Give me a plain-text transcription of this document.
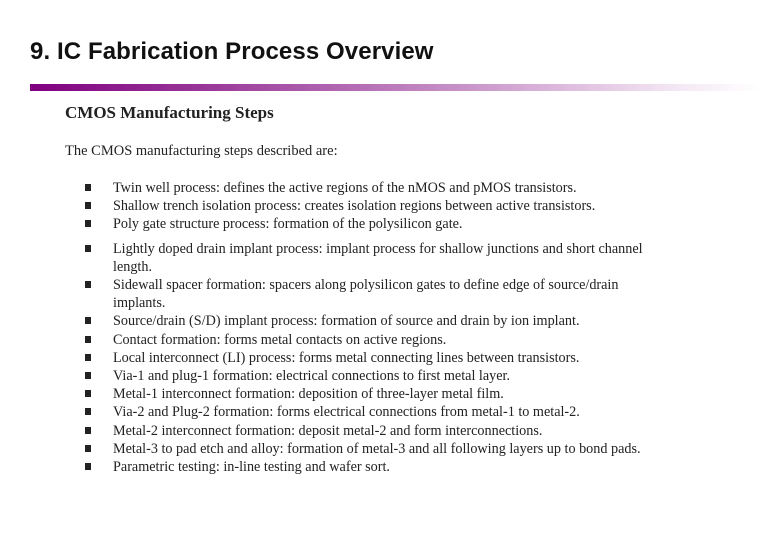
9. IC Fabrication Process Overview
CMOS Manufacturing Steps
The CMOS manufacturing steps described are:
Twin well process: defines the active regions of the nMOS and pMOS transistors.
Shallow trench isolation process: creates isolation regions between active transistors.
Poly gate structure process: formation of the polysilicon gate.
Lightly doped drain implant process: implant process for shallow junctions and short channel length.
Sidewall spacer formation: spacers along polysilicon gates to define edge of source/drain implants.
Source/drain (S/D) implant process: formation of source and drain by ion implant.
Contact formation: forms metal contacts on active regions.
Local interconnect (LI) process: forms metal connecting lines between transistors.
Via-1 and plug-1 formation: electrical connections to first metal layer.
Metal-1 interconnect formation: deposition of three-layer metal film.
Via-2 and Plug-2 formation: forms electrical connections from metal-1 to metal-2.
Metal-2 interconnect formation: deposit metal-2 and form interconnections.
Metal-3 to pad etch and alloy: formation of metal-3 and all following layers up to bond pads.
Parametric testing: in-line testing and wafer sort.
